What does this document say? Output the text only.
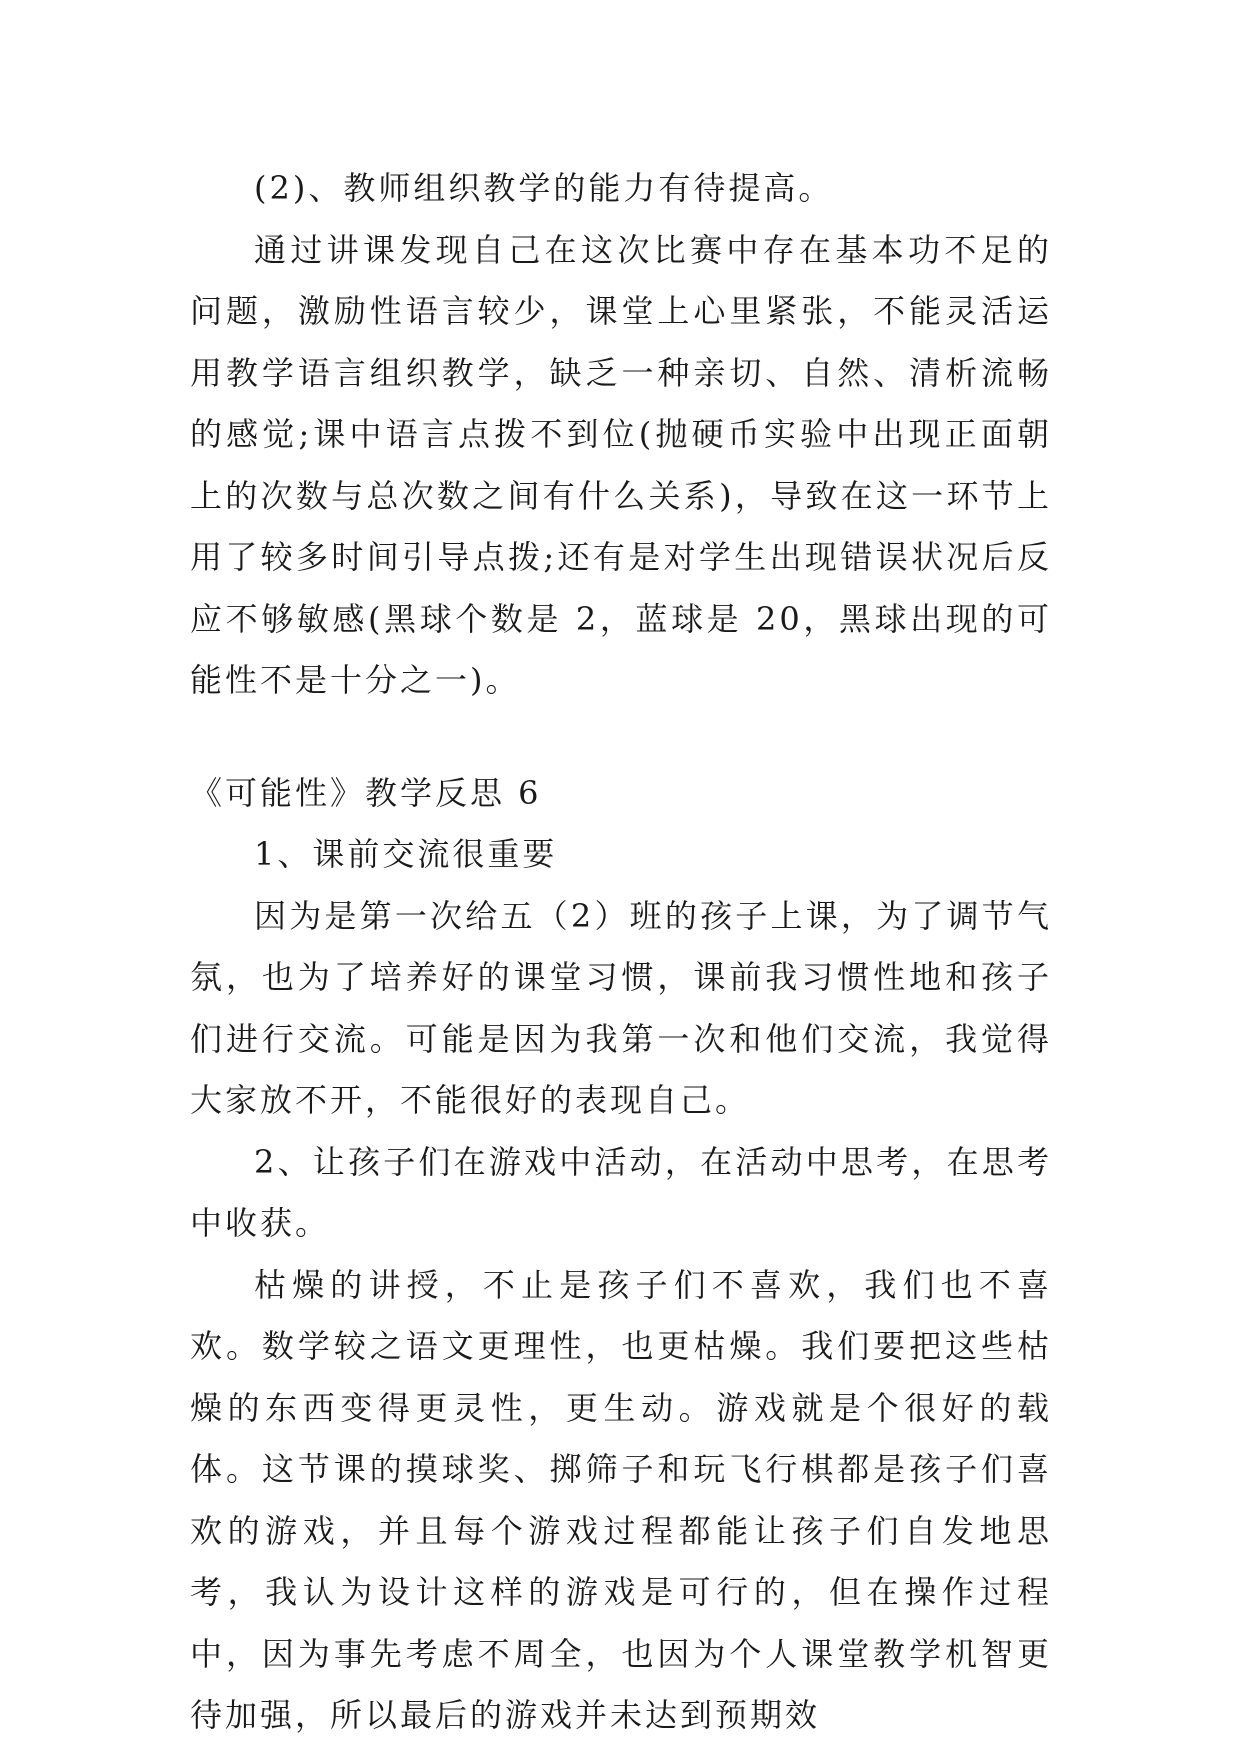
(2)、教师组织教学的能力有待提高。

通过讲课发现自己在这次比赛中存在基本功不足的问题，激励性语言较少，课堂上心里紧张，不能灵活运用教学语言组织教学，缺乏一种亲切、自然、清析流畅的感觉;课中语言点拨不到位(抛硬币实验中出现正面朝上的次数与总次数之间有什么关系)，导致在这一环节上用了较多时间引导点拨;还有是对学生出现错误状况后反应不够敏感(黑球个数是 2，蓝球是 20，黑球出现的可能性不是十分之一)。

《可能性》教学反思 6

1、课前交流很重要

因为是第一次给五（2）班的孩子上课，为了调节气氛，也为了培养好的课堂习惯，课前我习惯性地和孩子们进行交流。可能是因为我第一次和他们交流，我觉得大家放不开，不能很好的表现自己。

2、让孩子们在游戏中活动，在活动中思考，在思考中收获。

枯燥的讲授，不止是孩子们不喜欢，我们也不喜欢。数学较之语文更理性，也更枯燥。我们要把这些枯燥的东西变得更灵性，更生动。游戏就是个很好的载体。这节课的摸球奖、掷筛子和玩飞行棋都是孩子们喜欢的游戏，并且每个游戏过程都能让孩子们自发地思考，我认为设计这样的游戏是可行的，但在操作过程中，因为事先考虑不周全，也因为个人课堂教学机智更待加强，所以最后的游戏并未达到预期效
